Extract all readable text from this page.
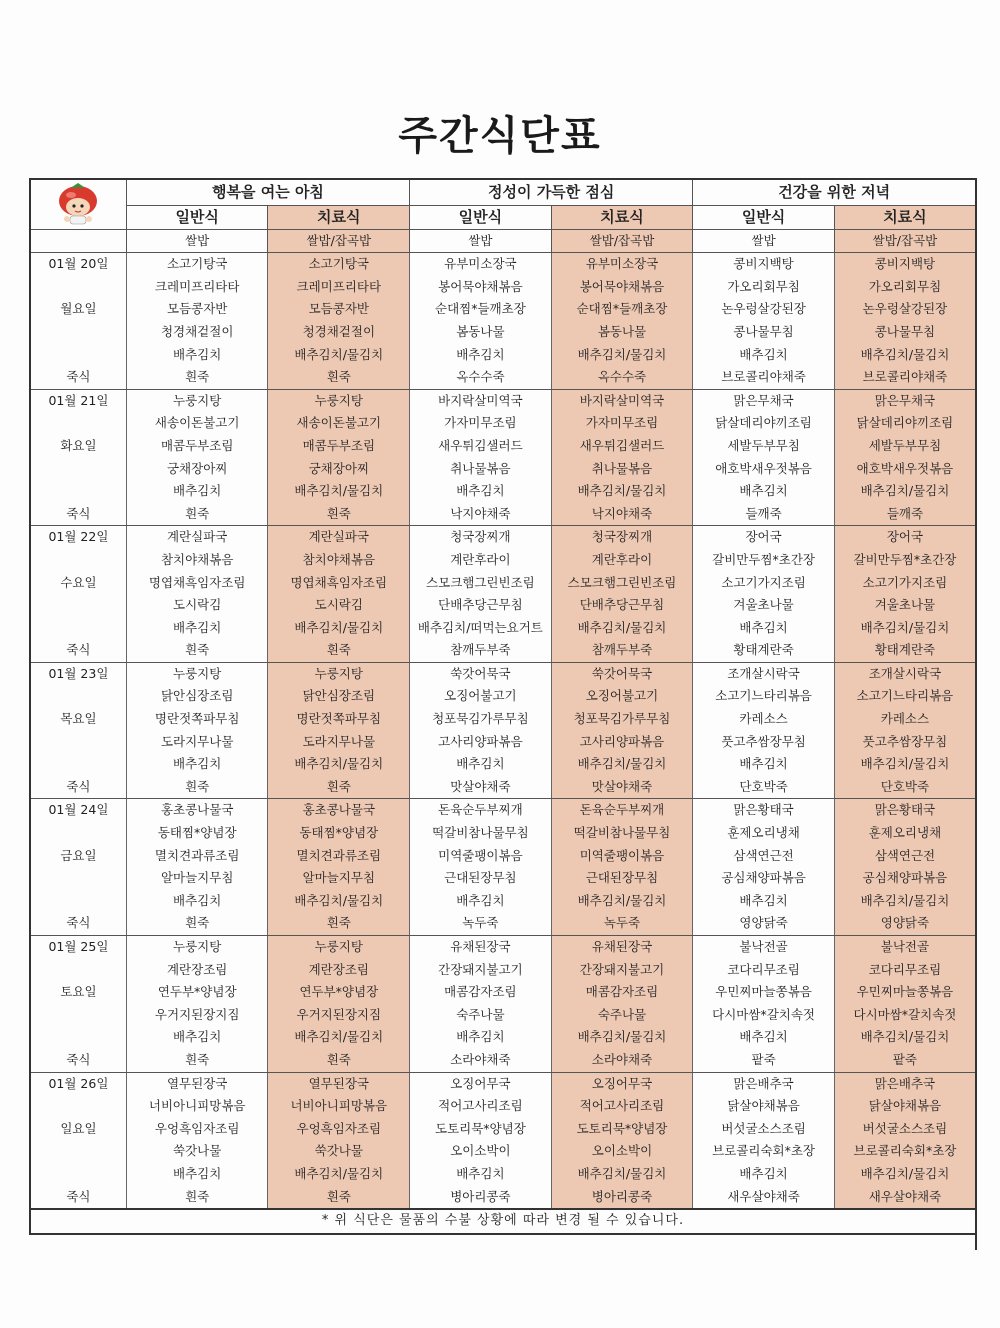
주간식단표
	행복을 여는 아침		정성이 가득한 점심		건강을 위한 저녁	
	일반식	치료식	일반식	치료식	일반식	치료식
	쌀밥	쌀밥/잡곡밥	쌀밥	쌀밥/잡곡밥	쌀밥	쌀밥/잡곡밥
01월 20일	소고기탕국	소고기탕국	유부미소장국	유부미소장국	콩비지백탕	콩비지백탕
	크레미프리타타	크레미프리타타	봉어묵야채볶음	봉어묵야채볶음	가오리회무침	가오리회무침
월요일	모듬콩자반	모듬콩자반	순대찜*들깨초장	순대찜*들깨초장	논우렁살강된장	논우렁살강된장
	청경채겉절이	청경채겉절이	봄동나물	봄동나물	콩나물무침	콩나물무침
	배추김치	배추김치/물김치	배추김치	배추김치/물김치	배추김치	배추김치/물김치
죽식	흰죽	흰죽	옥수수죽	옥수수죽	브로콜리야채죽	브로콜리야채죽
01월 21일	누룽지탕	누룽지탕	바지락살미역국	바지락살미역국	맑은무채국	맑은무채국
	새송이돈불고기	새송이돈불고기	가자미무조림	가자미무조림	닭살데리야끼조림	닭살데리야끼조림
화요일	매콤두부조림	매콤두부조림	새우튀김샐러드	새우튀김샐러드	세발두부무침	세발두부무침
	궁채장아찌	궁채장아찌	취나물볶음	취나물볶음	애호박새우젓볶음	애호박새우젓볶음
	배추김치	배추김치/물김치	배추김치	배추김치/물김치	배추김치	배추김치/물김치
죽식	흰죽	흰죽	낙지야채죽	낙지야채죽	들깨죽	들깨죽
01월 22일	계란실파국	계란실파국	청국장찌개	청국장찌개	장어국	장어국
	참치야채볶음	참치야채볶음	계란후라이	계란후라이	갈비만두찜*초간장	갈비만두찜*초간장
수요일	명엽채흑임자조림	명엽채흑임자조림	스모크햄그린빈조림	스모크햄그린빈조림	소고기가지조림	소고기가지조림
	도시락김	도시락김	단배추당근무침	단배추당근무침	겨울초나물	겨울초나물
	배추김치	배추김치/물김치	배추김치/떠먹는요거트	배추김치/물김치	배추김치	배추김치/물김치
죽식	흰죽	흰죽	참깨두부죽	참깨두부죽	황태계란죽	황태계란죽
01월 23일	누룽지탕	누룽지탕	쑥갓어묵국	쑥갓어묵국	조개살시락국	조개살시락국
	닭안심장조림	닭안심장조림	오징어불고기	오징어불고기	소고기느타리볶음	소고기느타리볶음
목요일	명란젓쪽파무침	명란젓쪽파무침	청포묵김가루무침	청포묵김가루무침	카레소스	카레소스
	도라지무나물	도라지무나물	고사리양파볶음	고사리양파볶음	풋고추쌈장무침	풋고추쌈장무침
	배추김치	배추김치/물김치	배추김치	배추김치/물김치	배추김치	배추김치/물김치
죽식	흰죽	흰죽	맛살야채죽	맛살야채죽	단호박죽	단호박죽
01월 24일	홍초콩나물국	홍초콩나물국	돈육순두부찌개	돈육순두부찌개	맑은황태국	맑은황태국
	동태찜*양념장	동태찜*양념장	떡갈비참나물무침	떡갈비참나물무침	훈제오리냉채	훈제오리냉채
금요일	멸치견과류조림	멸치견과류조림	미역줄팽이볶음	미역줄팽이볶음	삼색연근전	삼색연근전
	알마늘지무침	알마늘지무침	근대된장무침	근대된장무침	공심채양파볶음	공심채양파볶음
	배추김치	배추김치/물김치	배추김치	배추김치/물김치	배추김치	배추김치/물김치
죽식	흰죽	흰죽	녹두죽	녹두죽	영양닭죽	영양닭죽
01월 25일	누룽지탕	누룽지탕	유채된장국	유채된장국	불낙전골	불낙전골
	계란장조림	계란장조림	간장돼지불고기	간장돼지불고기	코다리무조림	코다리무조림
토요일	연두부*양념장	연두부*양념장	매콤감자조림	매콤감자조림	우민찌마늘쫑볶음	우민찌마늘쫑볶음
	우거지된장지짐	우거지된장지짐	숙주나물	숙주나물	다시마쌈*갈치속젓	다시마쌈*갈치속젓
	배추김치	배추김치/물김치	배추김치	배추김치/물김치	배추김치	배추김치/물김치
죽식	흰죽	흰죽	소라야채죽	소라야채죽	팥죽	팥죽
01월 26일	열무된장국	열무된장국	오징어무국	오징어무국	맑은배추국	맑은배추국
	너비아니피망볶음	너비아니피망볶음	적어고사리조림	적어고사리조림	닭살야채볶음	닭살야채볶음
일요일	우엉흑임자조림	우엉흑임자조림	도토리묵*양념장	도토리묵*양념장	버섯굴소스조림	버섯굴소스조림
	쑥갓나물	쑥갓나물	오이소박이	오이소박이	브로콜리숙회*초장	브로콜리숙회*초장
	배추김치	배추김치/물김치	배추김치	배추김치/물김치	배추김치	배추김치/물김치
죽식	흰죽	흰죽	병아리콩죽	병아리콩죽	새우살야채죽	새우살야채죽
* 위 식단은 물품의 수불 상황에 따라 변경 될 수 있습니다.						
